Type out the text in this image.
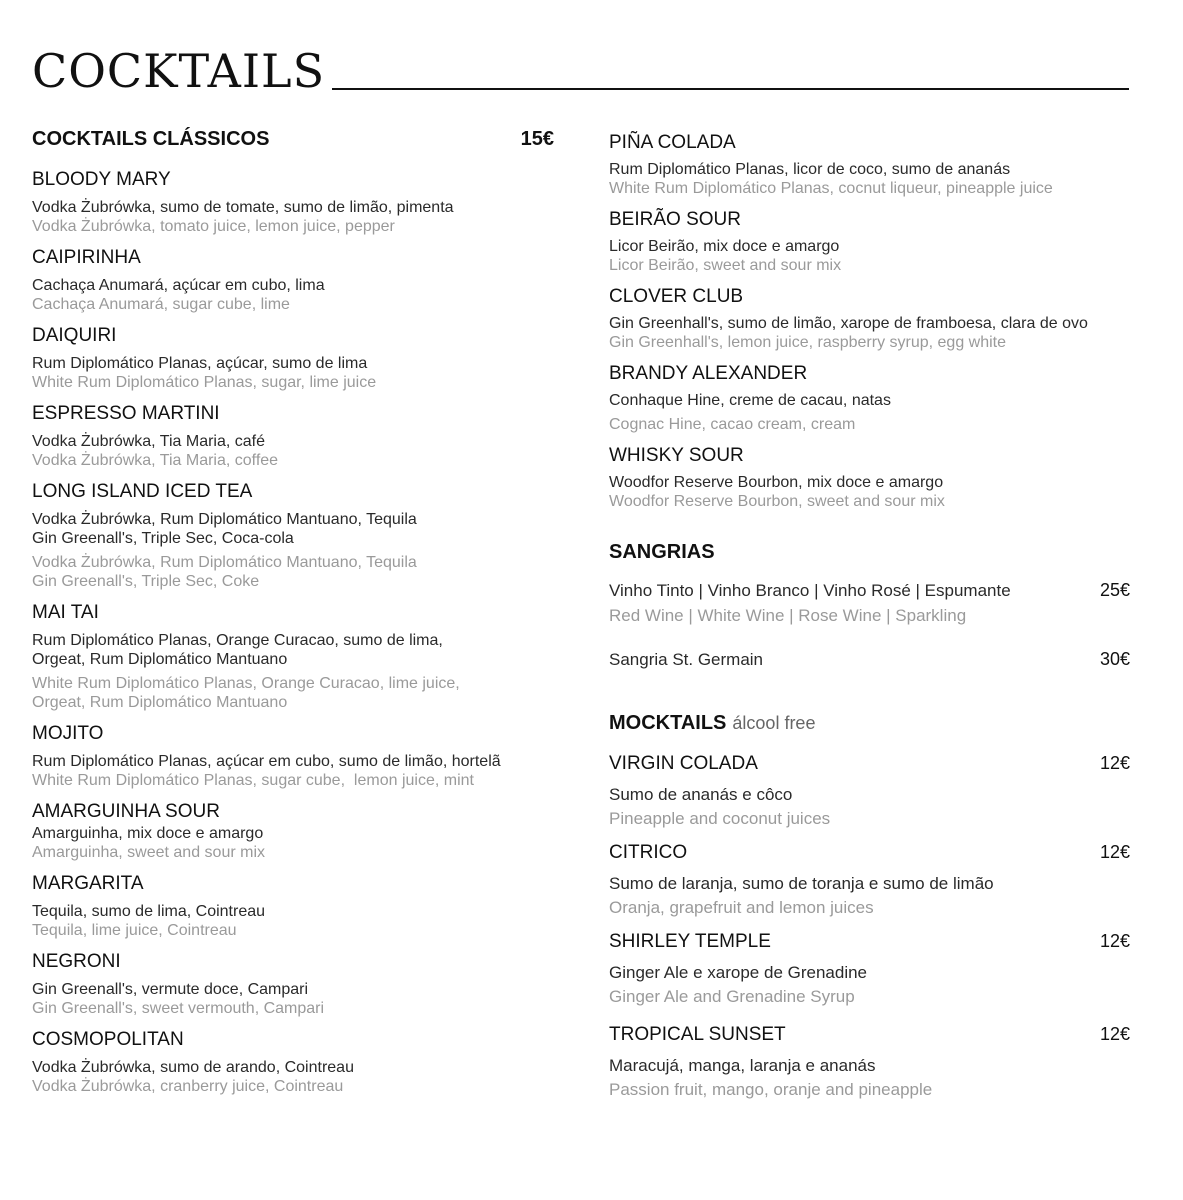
COCKTAILS
COCKTAILS CLÁSSICOS	15€
BLOODY MARY
Vodka Żubrówka, sumo de tomate, sumo de limão, pimenta
Vodka Żubrówka, tomato juice, lemon juice, pepper
CAIPIRINHA
Cachaça Anumará, açúcar em cubo, lima
Cachaça Anumará, sugar cube, lime
DAIQUIRI
Rum Diplomático Planas, açúcar, sumo de lima
White Rum Diplomático Planas, sugar, lime juice
ESPRESSO MARTINI
Vodka Żubrówka, Tia Maria, café
Vodka Żubrówka, Tia Maria, coffee
LONG ISLAND ICED TEA
Vodka Żubrówka, Rum Diplomático Mantuano, Tequila
Gin Greenall's, Triple Sec, Coca-cola
Vodka Żubrówka, Rum Diplomático Mantuano, Tequila
Gin Greenall's, Triple Sec, Coke
MAI TAI
Rum Diplomático Planas, Orange Curacao, sumo de lima,
Orgeat, Rum Diplomático Mantuano
White Rum Diplomático Planas, Orange Curacao, lime juice,
Orgeat, Rum Diplomático Mantuano
MOJITO
Rum Diplomático Planas, açúcar em cubo, sumo de limão, hortelã
White Rum Diplomático Planas, sugar cube,  lemon juice, mint
AMARGUINHA SOUR
Amarguinha, mix doce e amargo
Amarguinha, sweet and sour mix
MARGARITA
Tequila, sumo de lima, Cointreau
Tequila, lime juice, Cointreau
NEGRONI
Gin Greenall's, vermute doce, Campari
Gin Greenall's, sweet vermouth, Campari
COSMOPOLITAN
Vodka Żubrówka, sumo de arando, Cointreau
Vodka Żubrówka, cranberry juice, Cointreau
PIÑA COLADA
Rum Diplomático Planas, licor de coco, sumo de ananás
White Rum Diplomático Planas, cocnut liqueur, pineapple juice
BEIRÃO SOUR
Licor Beirão, mix doce e amargo
Licor Beirão, sweet and sour mix
CLOVER CLUB
Gin Greenhall's, sumo de limão, xarope de framboesa, clara de ovo
Gin Greenhall's, lemon juice, raspberry syrup, egg white
BRANDY ALEXANDER
Conhaque Hine, creme de cacau, natas
Cognac Hine, cacao cream, cream
WHISKY SOUR
Woodfor Reserve Bourbon, mix doce e amargo
Woodfor Reserve Bourbon, sweet and sour mix
SANGRIAS
Vinho Tinto | Vinho Branco | Vinho Rosé | Espumante	25€
Red Wine | White Wine | Rose Wine | Sparkling
Sangria St. Germain	30€
MOCKTAILS álcool free
VIRGIN COLADA	12€
Sumo de ananás e côco
Pineapple and coconut juices
CITRICO	12€
Sumo de laranja, sumo de toranja e sumo de limão
Oranja, grapefruit and lemon juices
SHIRLEY TEMPLE	12€
Ginger Ale e xarope de Grenadine
Ginger Ale and Grenadine Syrup
TROPICAL SUNSET	12€
Maracujá, manga, laranja e ananás
Passion fruit, mango, oranje and pineapple
